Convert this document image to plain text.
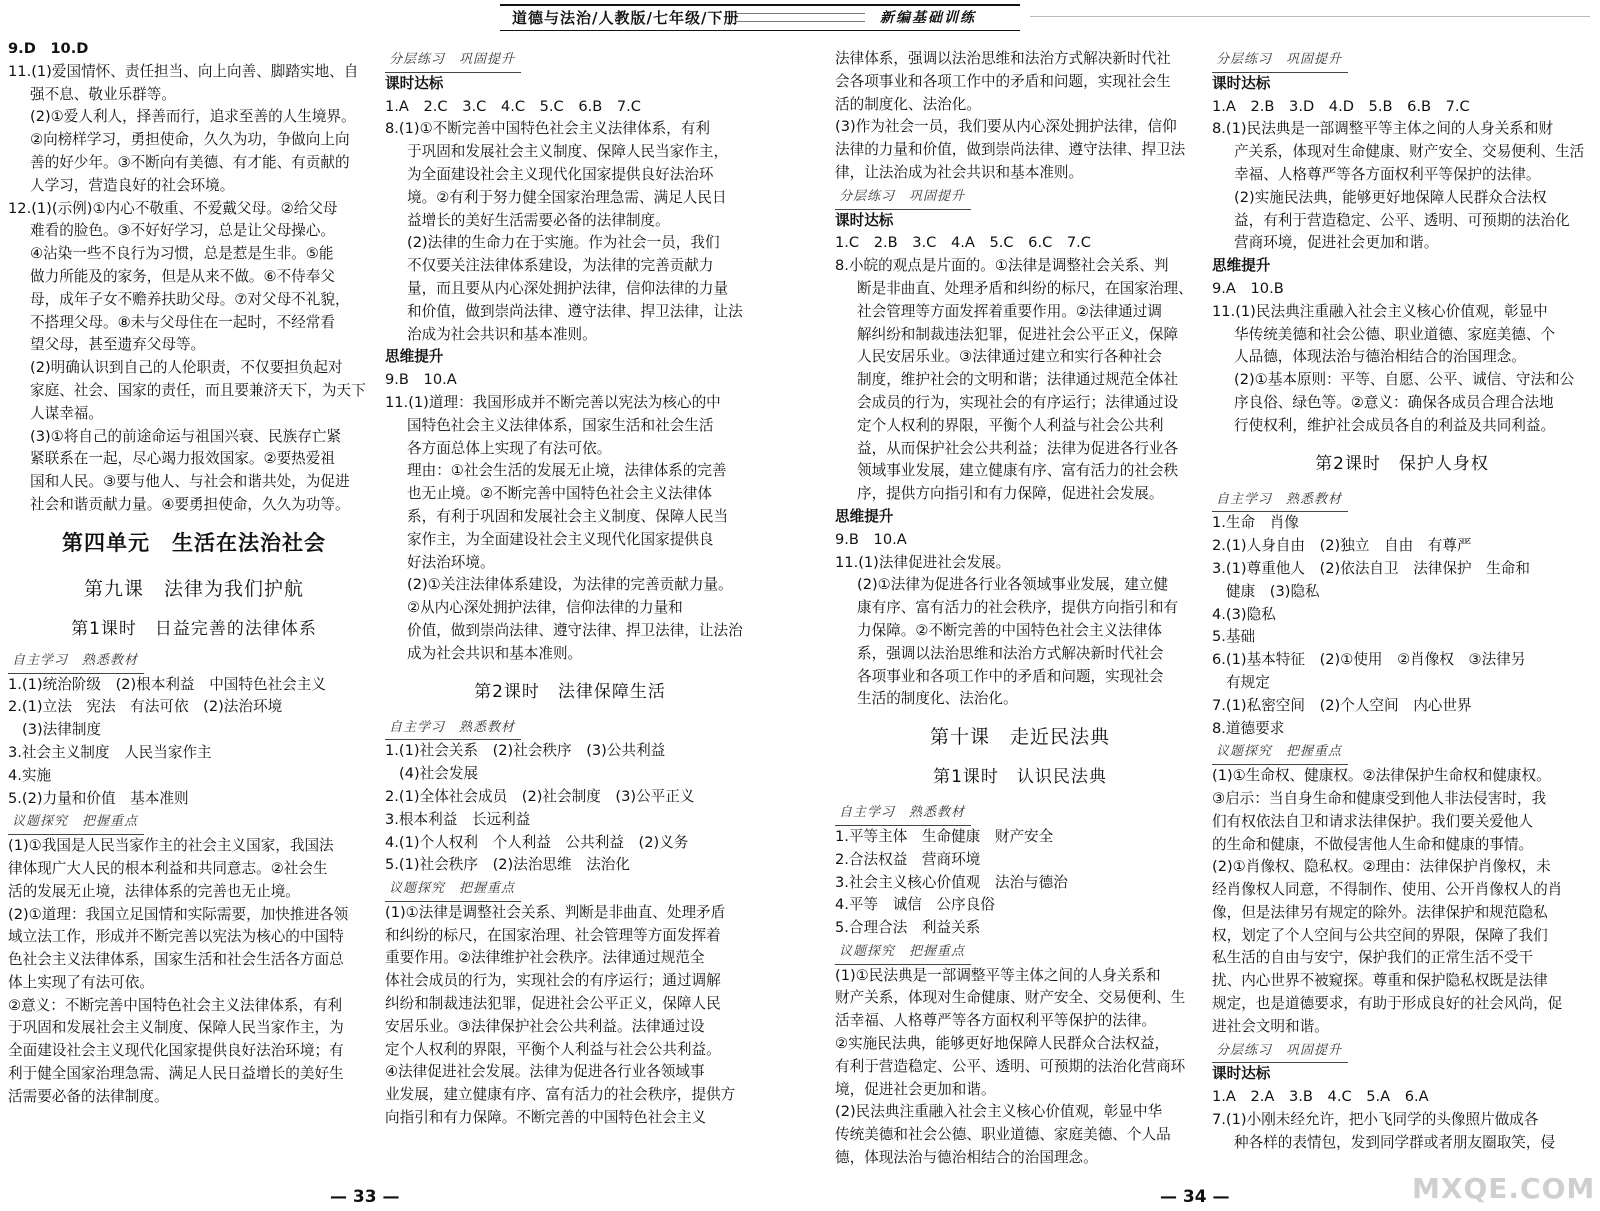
道德与法治/人教版/七年级/下册	新编基础训练

9.D　10.D

11.(1)爱国情怀、责任担当、向上向善、脚踏实地、自

强不息、敬业乐群等。

(2)①爱人利人，择善而行，追求至善的人生境界。

②向榜样学习，勇担使命，久久为功，争做向上向

善的好少年。③不断向有美德、有才能、有贡献的

人学习，营造良好的社会环境。

12.(1)(示例)①内心不敬重、不爱戴父母。②给父母

难看的脸色。③不好好学习，总是让父母操心。

④沾染一些不良行为习惯，总是惹是生非。⑤能

做力所能及的家务，但是从来不做。⑥不侍奉父

母，成年子女不赡养扶助父母。⑦对父母不礼貌，

不搭理父母。⑧未与父母住在一起时，不经常看

望父母，甚至遗弃父母等。

(2)明确认识到自己的人伦职责，不仅要担负起对

家庭、社会、国家的责任，而且要兼济天下，为天下

人谋幸福。

(3)①将自己的前途命运与祖国兴衰、民族存亡紧

紧联系在一起，尽心竭力报效国家。②要热爱祖

国和人民。③要与他人、与社会和谐共处，为促进

社会和谐贡献力量。④要勇担使命，久久为功等。

第四单元　生活在法治社会
第九课　法律为我们护航
第1课时　日益完善的法律体系

自主学习　熟悉教材

1.(1)统治阶级　(2)根本利益　中国特色社会主义

2.(1)立法　宪法　有法可依　(2)法治环境

(3)法律制度

3.社会主义制度　人民当家作主

4.实施

5.(2)力量和价值　基本准则

议题探究　把握重点

(1)①我国是人民当家作主的社会主义国家，我国法

律体现广大人民的根本利益和共同意志。②社会生

活的发展无止境，法律体系的完善也无止境。

(2)①道理：我国立足国情和实际需要，加快推进各领

域立法工作，形成并不断完善以宪法为核心的中国特

色社会主义法律体系，国家生活和社会生活各方面总

体上实现了有法可依。

②意义：不断完善中国特色社会主义法律体系，有利

于巩固和发展社会主义制度、保障人民当家作主，为

全面建设社会主义现代化国家提供良好法治环境；有

利于健全国家治理急需、满足人民日益增长的美好生

活需要必备的法律制度。

分层练习　巩固提升

课时达标

1.A　2.C　3.C　4.C　5.C　6.B　7.C

8.(1)①不断完善中国特色社会主义法律体系，有利

于巩固和发展社会主义制度、保障人民当家作主，

为全面建设社会主义现代化国家提供良好法治环

境。②有利于努力健全国家治理急需、满足人民日

益增长的美好生活需要必备的法律制度。

(2)法律的生命力在于实施。作为社会一员，我们

不仅要关注法律体系建设，为法律的完善贡献力

量，而且要从内心深处拥护法律，信仰法律的力量

和价值，做到崇尚法律、遵守法律、捍卫法律，让法

治成为社会共识和基本准则。

思维提升

9.B　10.A

11.(1)道理：我国形成并不断完善以宪法为核心的中

国特色社会主义法律体系，国家生活和社会生活

各方面总体上实现了有法可依。

理由：①社会生活的发展无止境，法律体系的完善

也无止境。②不断完善中国特色社会主义法律体

系，有利于巩固和发展社会主义制度、保障人民当

家作主，为全面建设社会主义现代化国家提供良

好法治环境。

(2)①关注法律体系建设，为法律的完善贡献力量。

②从内心深处拥护法律，信仰法律的力量和

价值，做到崇尚法律、遵守法律、捍卫法律，让法治

成为社会共识和基本准则。

第2课时　法律保障生活

自主学习　熟悉教材

1.(1)社会关系　(2)社会秩序　(3)公共利益

(4)社会发展

2.(1)全体社会成员　(2)社会制度　(3)公平正义

3.根本利益　长远利益

4.(1)个人权利　个人利益　公共利益　(2)义务

5.(1)社会秩序　(2)法治思维　法治化

议题探究　把握重点

(1)①法律是调整社会关系、判断是非曲直、处理矛盾

和纠纷的标尺，在国家治理、社会管理等方面发挥着

重要作用。②法律维护社会秩序。法律通过规范全

体社会成员的行为，实现社会的有序运行；通过调解

纠纷和制裁违法犯罪，促进社会公平正义，保障人民

安居乐业。③法律保护社会公共利益。法律通过设

定个人权利的界限，平衡个人利益与社会公共利益。

④法律促进社会发展。法律为促进各行业各领域事

业发展，建立健康有序、富有活力的社会秩序，提供方

向指引和有力保障。不断完善的中国特色社会主义

法律体系，强调以法治思维和法治方式解决新时代社

会各项事业和各项工作中的矛盾和问题，实现社会生

活的制度化、法治化。

(3)作为社会一员，我们要从内心深处拥护法律，信仰

法律的力量和价值，做到崇尚法律、遵守法律、捍卫法

律，让法治成为社会共识和基本准则。

分层练习　巩固提升

课时达标

1.C　2.B　3.C　4.A　5.C　6.C　7.C

8.小皖的观点是片面的。①法律是调整社会关系、判

断是非曲直、处理矛盾和纠纷的标尺，在国家治理、

社会管理等方面发挥着重要作用。②法律通过调

解纠纷和制裁违法犯罪，促进社会公平正义，保障

人民安居乐业。③法律通过建立和实行各种社会

制度，维护社会的文明和谐；法律通过规范全体社

会成员的行为，实现社会的有序运行；法律通过设

定个人权利的界限，平衡个人利益与社会公共利

益，从而保护社会公共利益；法律为促进各行业各

领域事业发展，建立健康有序、富有活力的社会秩

序，提供方向指引和有力保障，促进社会发展。

思维提升

9.B　10.A

11.(1)法律促进社会发展。

(2)①法律为促进各行业各领域事业发展，建立健

康有序、富有活力的社会秩序，提供方向指引和有

力保障。②不断完善的中国特色社会主义法律体

系，强调以法治思维和法治方式解决新时代社会

各项事业和各项工作中的矛盾和问题，实现社会

生活的制度化、法治化。

第十课　走近民法典
第1课时　认识民法典

自主学习　熟悉教材

1.平等主体　生命健康　财产安全

2.合法权益　营商环境

3.社会主义核心价值观　法治与德治

4.平等　诚信　公序良俗

5.合理合法　利益关系

议题探究　把握重点

(1)①民法典是一部调整平等主体之间的人身关系和

财产关系，体现对生命健康、财产安全、交易便利、生

活幸福、人格尊严等各方面权利平等保护的法律。

②实施民法典，能够更好地保障人民群众合法权益，

有利于营造稳定、公平、透明、可预期的法治化营商环

境，促进社会更加和谐。

(2)民法典注重融入社会主义核心价值观，彰显中华

传统美德和社会公德、职业道德、家庭美德、个人品

德，体现法治与德治相结合的治国理念。

分层练习　巩固提升

课时达标

1.A　2.B　3.D　4.D　5.B　6.B　7.C

8.(1)民法典是一部调整平等主体之间的人身关系和财

产关系，体现对生命健康、财产安全、交易便利、生活

幸福、人格尊严等各方面权利平等保护的法律。

(2)实施民法典，能够更好地保障人民群众合法权

益，有利于营造稳定、公平、透明、可预期的法治化

营商环境，促进社会更加和谐。

思维提升

9.A　10.B

11.(1)民法典注重融入社会主义核心价值观，彰显中

华传统美德和社会公德、职业道德、家庭美德、个

人品德，体现法治与德治相结合的治国理念。

(2)①基本原则：平等、自愿、公平、诚信、守法和公

序良俗、绿色等。②意义：确保各成员合理合法地

行使权利，维护社会成员各自的利益及共同利益。

第2课时　保护人身权

自主学习　熟悉教材

1.生命　肖像

2.(1)人身自由　(2)独立　自由　有尊严

3.(1)尊重他人　(2)依法自卫　法律保护　生命和

健康　(3)隐私

4.(3)隐私

5.基础

6.(1)基本特征　(2)①使用　②肖像权　③法律另

有规定

7.(1)私密空间　(2)个人空间　内心世界

8.道德要求

议题探究　把握重点

(1)①生命权、健康权。②法律保护生命权和健康权。

③启示：当自身生命和健康受到他人非法侵害时，我

们有权依法自卫和请求法律保护。我们要关爱他人

的生命和健康，不做侵害他人生命和健康的事情。

(2)①肖像权、隐私权。②理由：法律保护肖像权，未

经肖像权人同意，不得制作、使用、公开肖像权人的肖

像，但是法律另有规定的除外。法律保护和规范隐私

权，划定了个人空间与公共空间的界限，保障了我们

私生活的自由与安宁，保护我们的正常生活不受干

扰、内心世界不被窥探。尊重和保护隐私权既是法律

规定，也是道德要求，有助于形成良好的社会风尚，促

进社会文明和谐。

分层练习　巩固提升

课时达标

1.A　2.A　3.B　4.C　5.A　6.A

7.(1)小刚未经允许，把小飞同学的头像照片做成各

种各样的表情包，发到同学群或者朋友圈取笑，侵

— 33 —	— 34 —	MXQE.COM
